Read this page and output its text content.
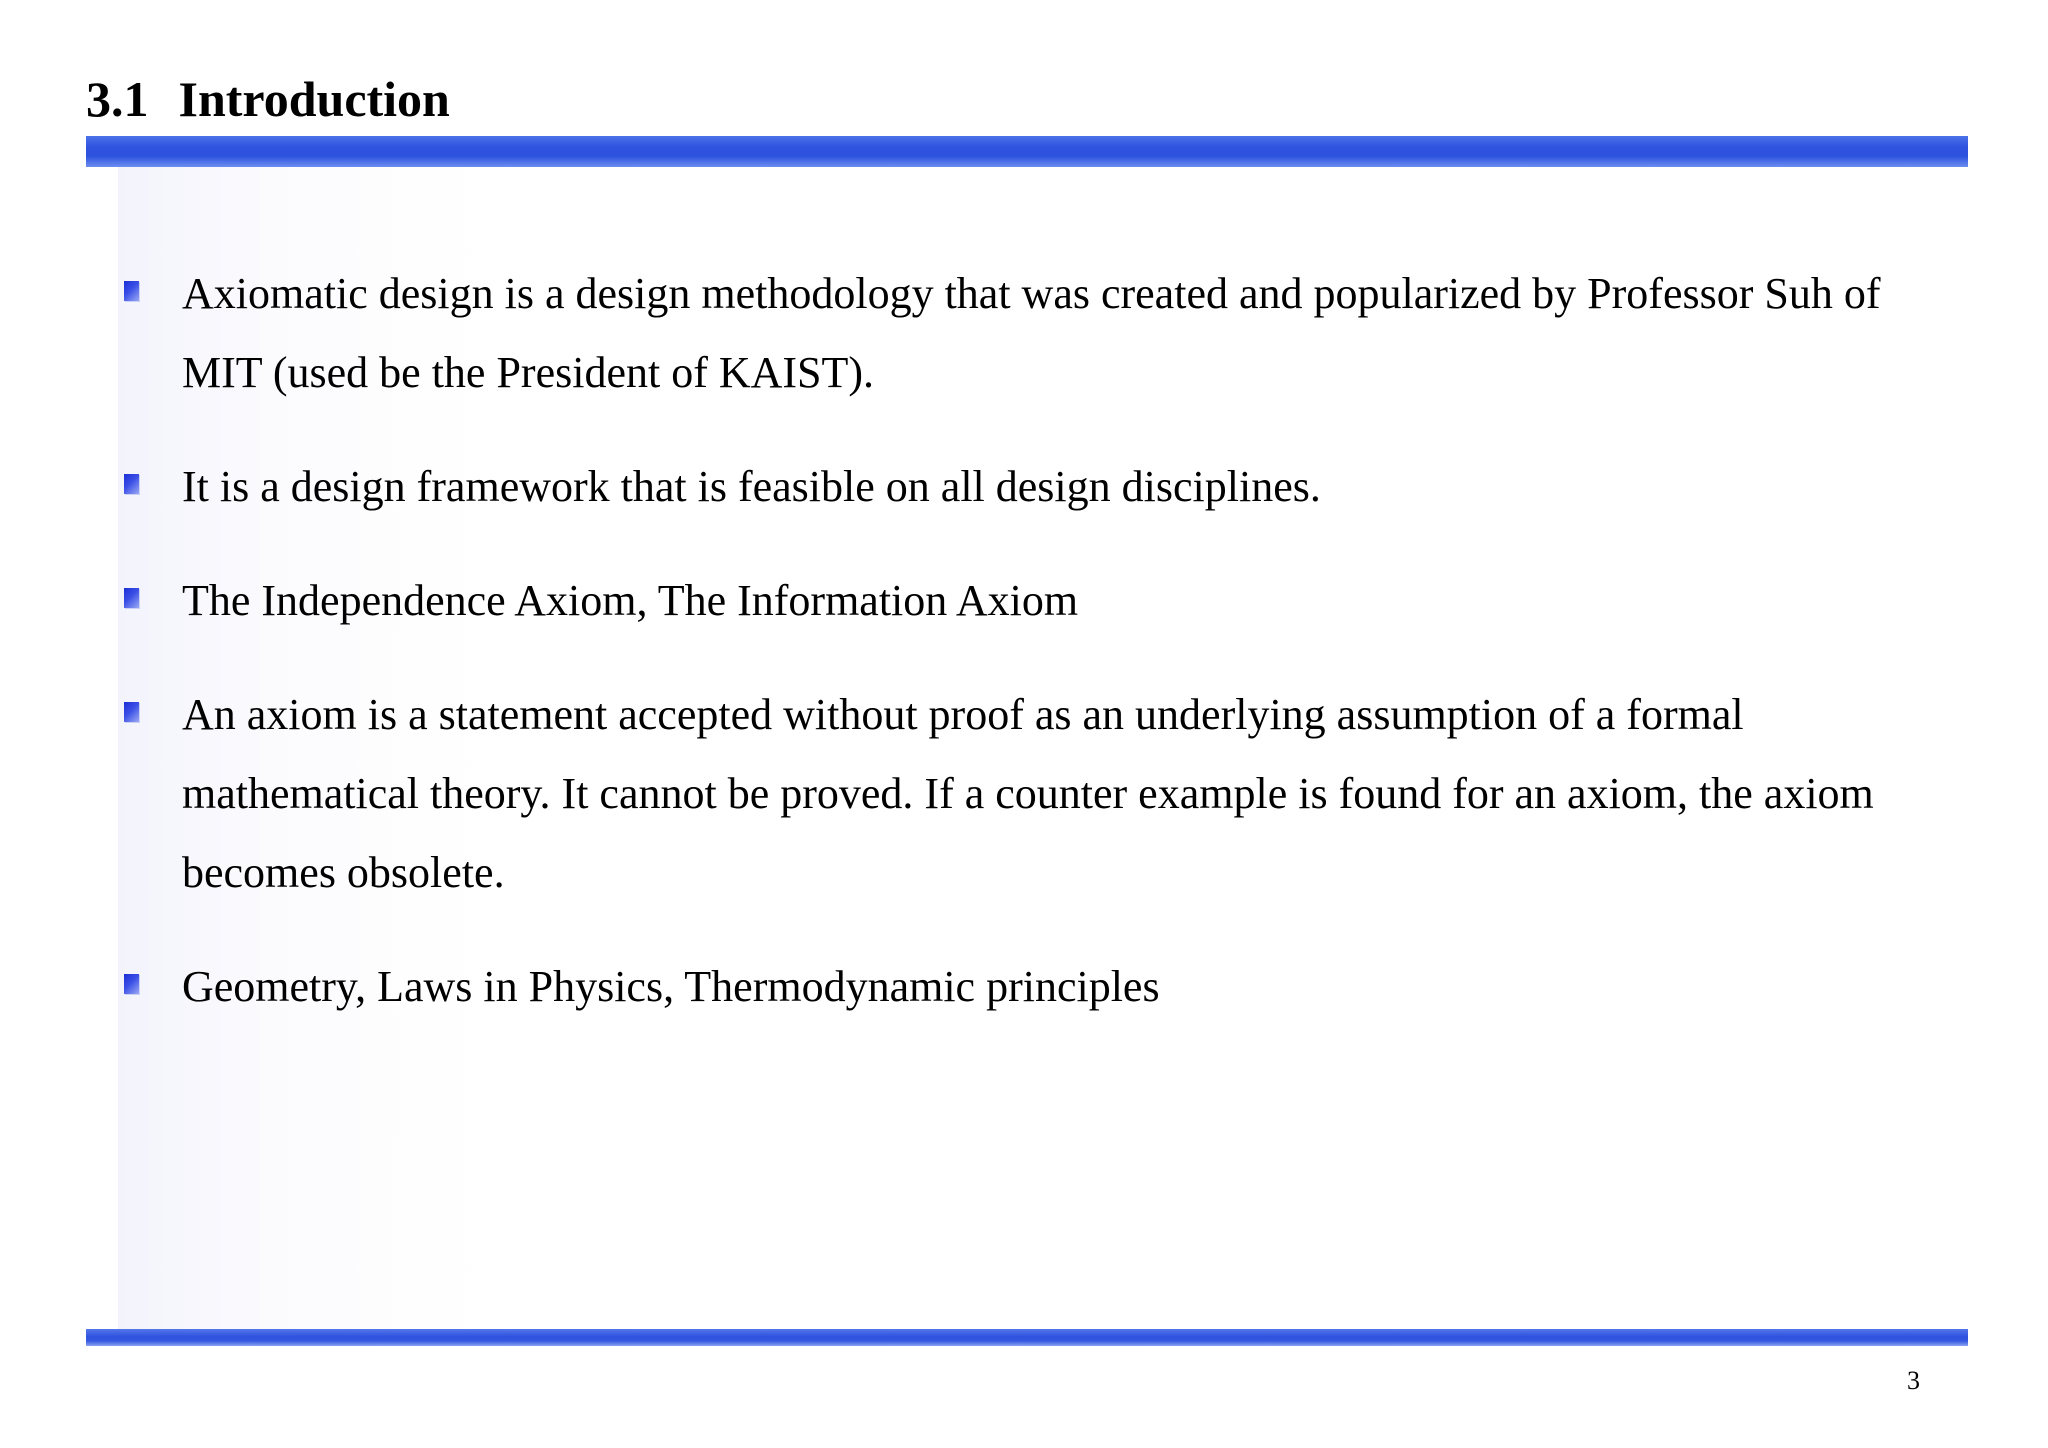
3.1 Introduction
Axiomatic design is a design methodology that was created and popularized by Professor Suh of MIT (used be the President of KAIST).
It is a design framework that is feasible on all design disciplines.
The Independence Axiom, The Information Axiom
An axiom is a statement accepted without proof as an underlying assumption of a formal mathematical theory. It cannot be proved. If a counter example is found for an axiom, the axiom becomes obsolete.
Geometry, Laws in Physics, Thermodynamic principles
3
